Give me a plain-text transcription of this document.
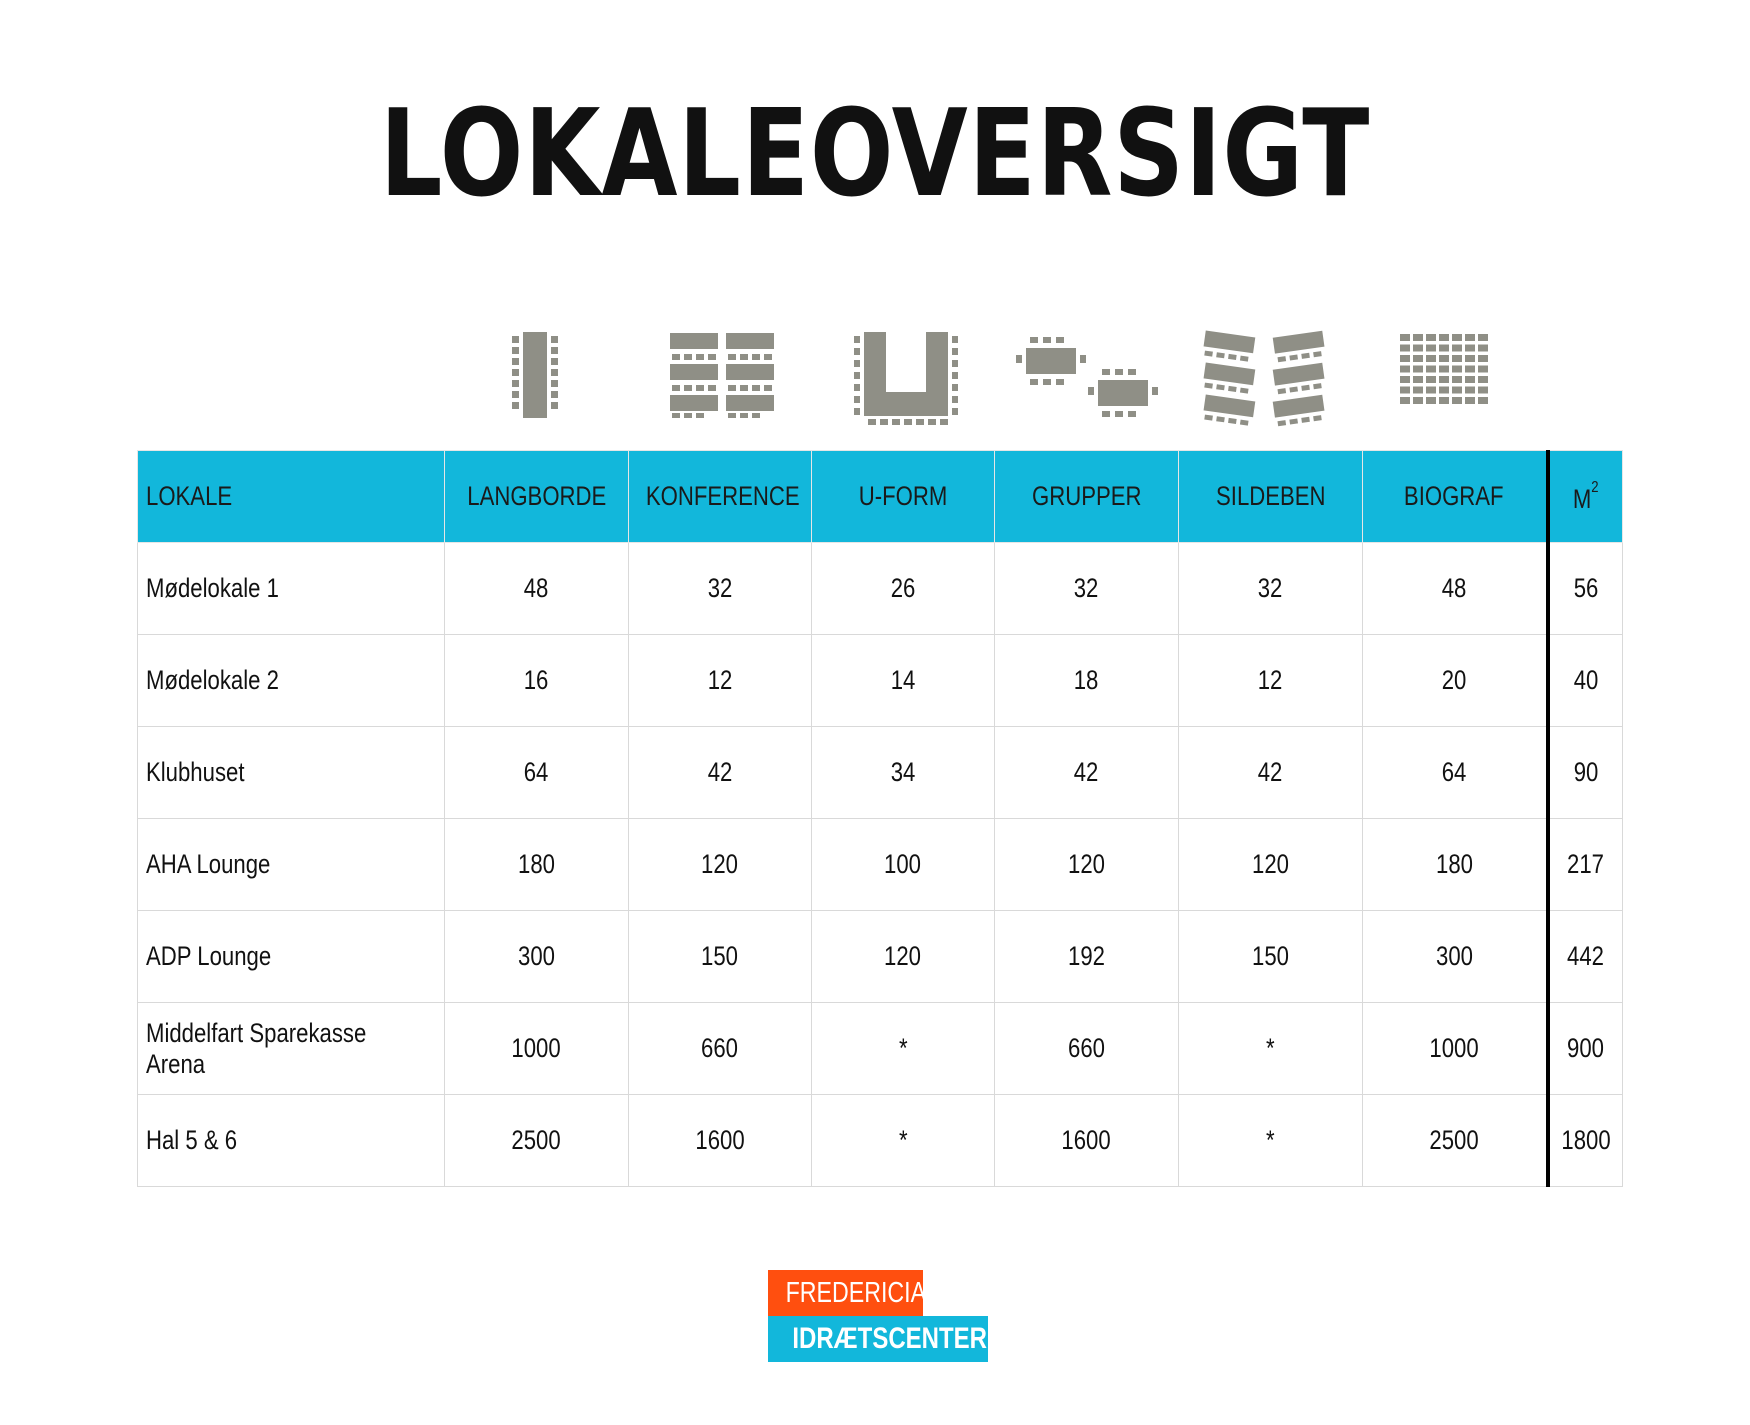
LOKALEOVERSIGT
LOKALE	LANGBORDE	KONFERENCE	U-FORM	GRUPPER	SILDEBEN	BIOGRAF	$M^2$
Mødelokale 1	48	32	26	32	32	48	56
Mødelokale 2	16	12	14	18	12	20	40
Klubhuset	64	42	34	42	42	64	90
AHA Lounge	180	120	100	120	120	180	217
ADP Lounge	300	150	120	192	150	300	442
Middelfart Sparekasse Arena	1000	660	*	660	*	1000	900
Hal 5 & 6	2500	1600	*	1600	*	2500	1800
FREDERICIA
IDRÆTSCENTER
